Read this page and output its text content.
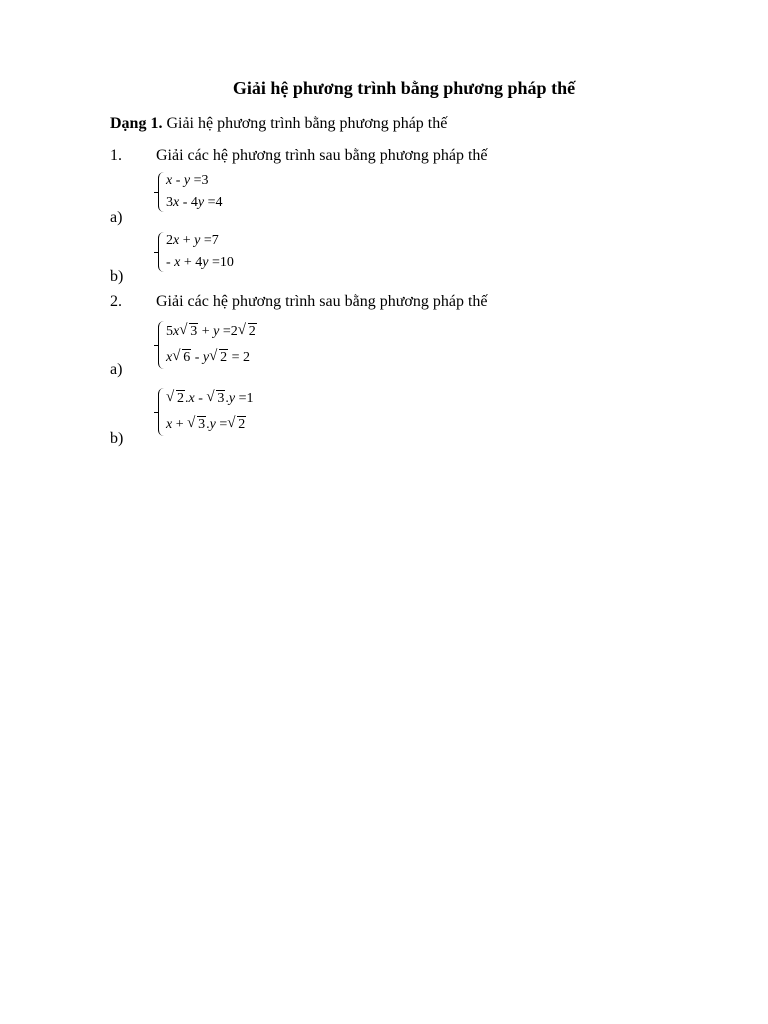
Giải hệ phương trình bằng phương pháp thế
Dạng 1. Giải hệ phương trình bằng phương pháp thế
1. Giải các hệ phương trình sau bằng phương pháp thế
x - y =3
3x - 4y =4
a)
2x + y =7
- x + 4y =10
b)
2. Giải các hệ phương trình sau bằng phương pháp thế
5x √ 3 + y =2 √ 2
x √ 6 - y √ 2 = 2
a)
√ 2.x - √ 3.y =1
x + √ 3.y = √ 2
b)
